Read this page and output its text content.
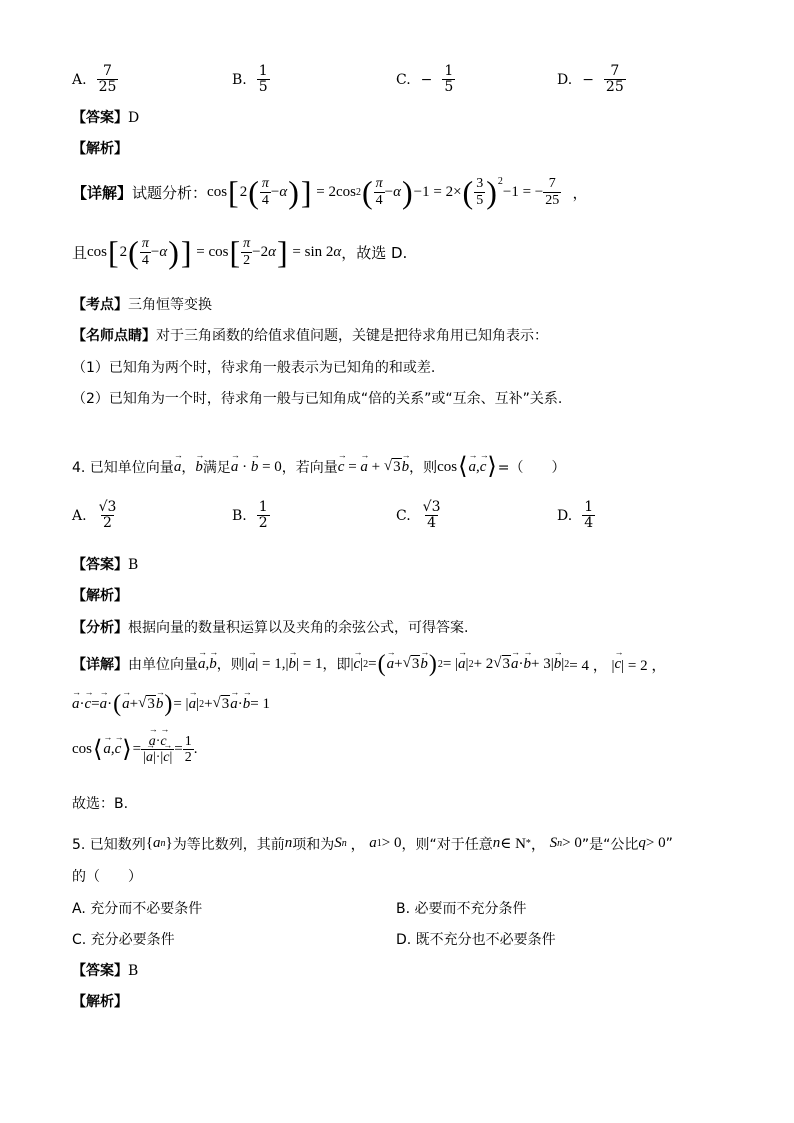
A. $\frac{7}{25}$	B. $\frac{1}{5}$	C. − $\frac{1}{5}$	D. − $\frac{7}{25}$
【答案】D
【解析】
【详解】 试题分析： cos [ 2 ( $\frac{\pi}{4} - \alpha$ ) ] = 2cos 2 ( $\frac{\pi}{4} - \alpha$ ) −1 = 2× ( $\frac{3}{5} )^2$
−1 = − $\frac{7}{25}$ ，
且 cos [ 2 ( $\frac{\pi}{4} - \alpha$ ) ] = cos [ $\frac{\pi}{2} -2$ α ] = sin 2 α ，故选 D.
【考点】三角恒等变换
【名师点睛】对于三角函数的给值求值问题，关键是把待求角用已知角表示：
（1）已知角为两个时，待求角一般表示为已知角的和或差.
（2）已知角为一个时，待求角一般与已知角成“倍的关系”或“互余、互补”关系.
4. 已知单位向量 → a ， → b 满足 → a · → b = 0 ，若向量 → c = → a + √ 3 → b ，则 cos ⟨ → a , → c ⟩ =（　　）
A. $\frac{√3}{2}$	B. $\frac{1}{2}$	C. $\frac{√3}{4}$	D. $\frac{1}{4}$
【答案】B
【解析】
【分析】根据向量的数量积运算以及夹角的余弦公式，可得答案.
【详解】 由单位向量 → a , → b ，则 | → a | = 1,| → b | = 1 ，即 | → c | 2 = ( → a + √ 3 → b ) 2 = | → a | 2 + 2 √ 3 → a · → b + 3| → b | 2 = 4 ， | → c | = 2 ，
→ a · → c = → a · ( → a + √ 3 → b ) = | → a | 2 + √ 3 → a · → b = 1
cos ⟨ → a , → c ⟩ = → $\frac{a\cdot\to c}{|\to a|\cdot|\to c|} = \frac{1}{2}$ .
故选：B.
5. 已知数列 { a n } 为等比数列，其前 n 项和为 S n ， a 1 > 0 ，则“对于任意 n ∈ N * ， S n > 0 ”是“公比 q > 0 ”
的（　　）
A. 充分而不必要条件	B. 必要而不充分条件
C. 充分必要条件	D. 既不充分也不必要条件
【答案】B
【解析】
